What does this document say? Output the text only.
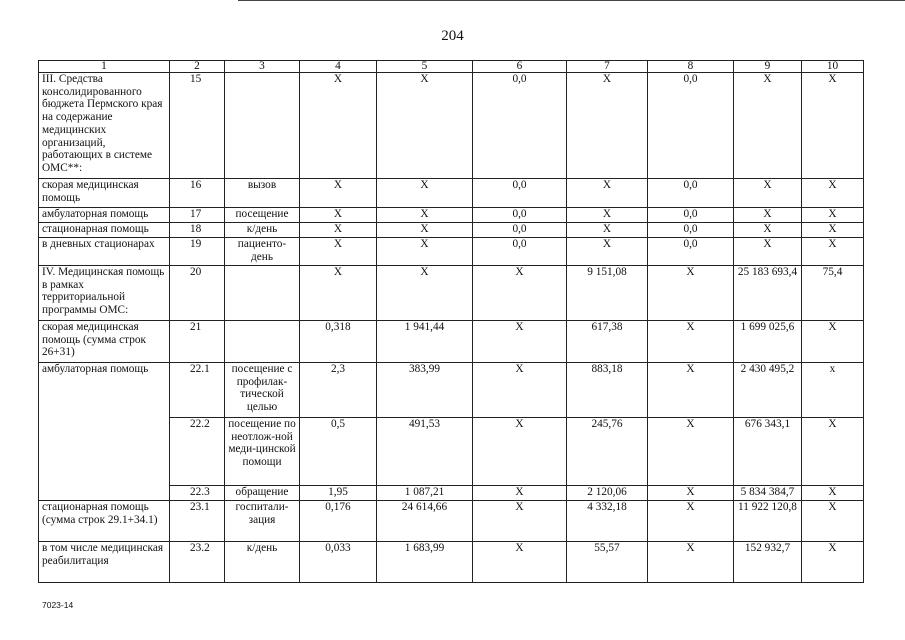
204
1	2	3	4	5	6	7	8	9	10
III. Средства консолидированного бюджета Пермского края на содержание медицинских организаций, работающих в системе ОМС**:	15		Х	Х	0,0	Х	0,0	Х	Х
скорая медицинская помощь	16	вызов	Х	Х	0,0	Х	0,0	Х	Х
амбулаторная помощь	17	посещение	Х	Х	0,0	Х	0,0	Х	Х
стационарная помощь	18	к/день	Х	Х	0,0	Х	0,0	Х	Х
в дневных стационарах	19	пациенто-день	Х	Х	0,0	Х	0,0	Х	Х
IV. Медицинская помощь в рамках территориальной программы ОМС:	20		Х	Х	Х	9 151,08	Х	25 183 693,4	75,4
скорая медицинская помощь (сумма строк 26+31)	21		0,318	1 941,44	Х	617,38	Х	1 699 025,6	Х
амбулаторная помощь	22.1	посещение с профилак-тической целью	2,3	383,99	Х	883,18	Х	2 430 495,2	х
	22.2	посещение по неотлож-ной меди-цинской помощи	0,5	491,53	Х	245,76	Х	676 343,1	Х
	22.3	обращение	1,95	1 087,21	Х	2 120,06	Х	5 834 384,7	Х
стационарная помощь (сумма строк 29.1+34.1)	23.1	госпитали-зация	0,176	24 614,66	Х	4 332,18	Х	11 922 120,8	Х
в том числе медицинская реабилитация	23.2	к/день	0,033	1 683,99	Х	55,57	Х	152 932,7	Х
7023-14
